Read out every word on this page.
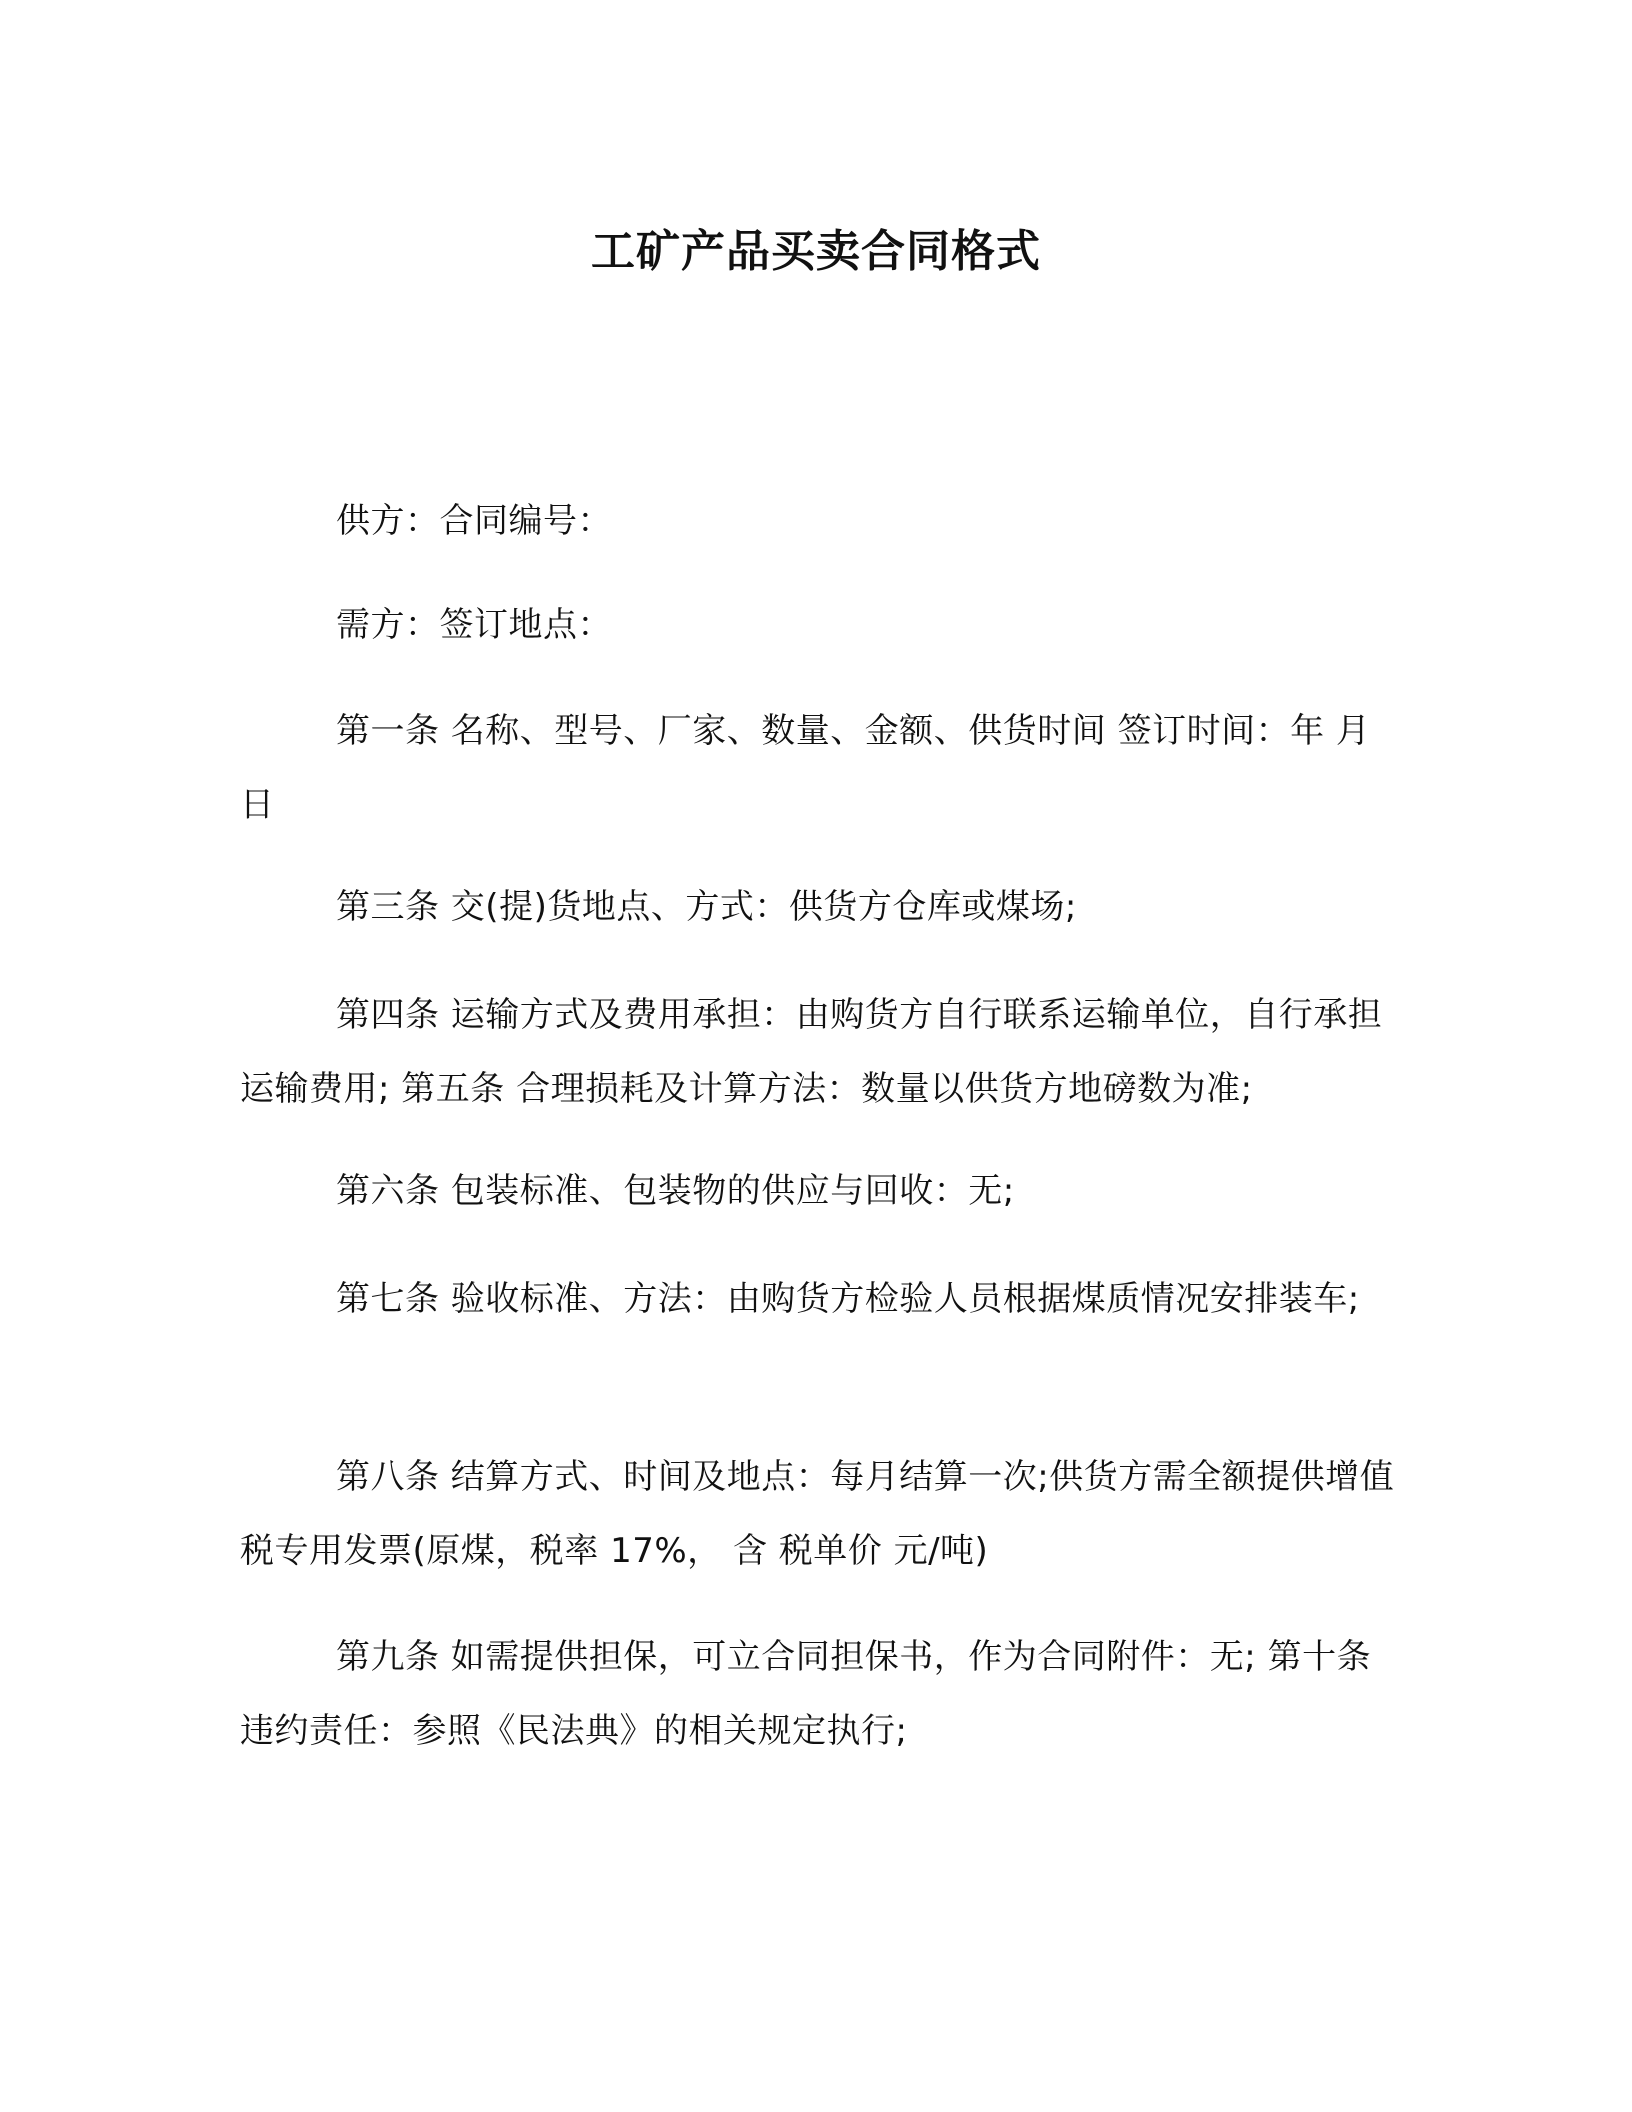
工矿产品买卖合同格式
供方：合同编号：
需方：签订地点：
第一条 名称、型号、厂家、数量、金额、供货时间 签订时间：年 月 日
第三条 交(提)货地点、方式：供货方仓库或煤场;
第四条 运输方式及费用承担：由购货方自行联系运输单位，自行承担运输费用; 第五条 合理损耗及计算方法：数量以供货方地磅数为准;
第六条 包装标准、包装物的供应与回收：无;
第七条 验收标准、方法：由购货方检验人员根据煤质情况安排装车;
第八条 结算方式、时间及地点：每月结算一次;供货方需全额提供增值税专用发票(原煤，税率 17%， 含 税单价 元/吨)
第九条 如需提供担保，可立合同担保书，作为合同附件：无; 第十条 违约责任：参照《民法典》的相关规定执行;
